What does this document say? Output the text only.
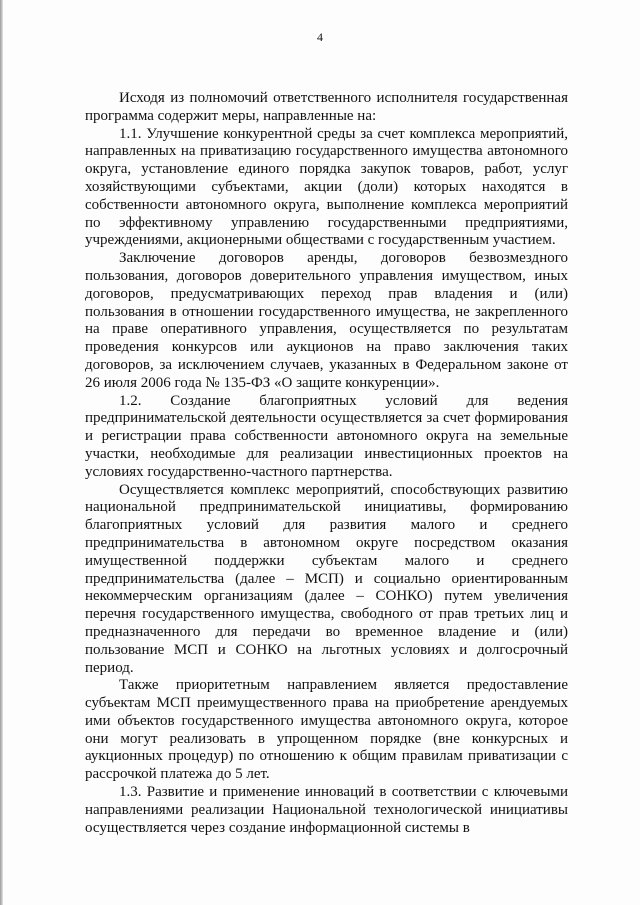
4

Исходя из полномочий ответственного исполнителя государственная программа содержит меры, направленные на:

1.1. Улучшение конкурентной среды за счет комплекса мероприятий, направленных на приватизацию государственного имущества автономного округа, установление единого порядка закупок товаров, работ, услуг хозяйствующими субъектами, акции (доли) которых находятся в собственности автономного округа, выполнение комплекса мероприятий по эффективному управлению государственными предприятиями, учреждениями, акционерными обществами с государственным участием.

Заключение договоров аренды, договоров безвозмездного пользования, договоров доверительного управления имуществом, иных договоров, предусматривающих переход прав владения и (или) пользования в отношении государственного имущества, не закрепленного на праве оперативного управления, осуществляется по результатам проведения конкурсов или аукционов на право заключения таких договоров, за исключением случаев, указанных в Федеральном законе от 26 июля 2006 года № 135-ФЗ «О защите конкуренции».

1.2. Создание благоприятных условий для ведения предпринимательской деятельности осуществляется за счет формирования и регистрации права собственности автономного округа на земельные участки, необходимые для реализации инвестиционных проектов на условиях государственно-частного партнерства.

Осуществляется комплекс мероприятий, способствующих развитию национальной предпринимательской инициативы, формированию благоприятных условий для развития малого и среднего предпринимательства в автономном округе посредством оказания имущественной поддержки субъектам малого и среднего предпринимательства (далее – МСП) и социально ориентированным некоммерческим организациям (далее – СОНКО) путем увеличения перечня государственного имущества, свободного от прав третьих лиц и предназначенного для передачи во временное владение и (или) пользование МСП и СОНКО на льготных условиях и долгосрочный период.

Также приоритетным направлением является предоставление субъектам МСП преимущественного права на приобретение арендуемых ими объектов государственного имущества автономного округа, которое они могут реализовать в упрощенном порядке (вне конкурсных и аукционных процедур) по отношению к общим правилам приватизации с рассрочкой платежа до 5 лет.

1.3. Развитие и применение инноваций в соответствии с ключевыми направлениями реализации Национальной технологической инициативы осуществляется через создание информационной системы в
